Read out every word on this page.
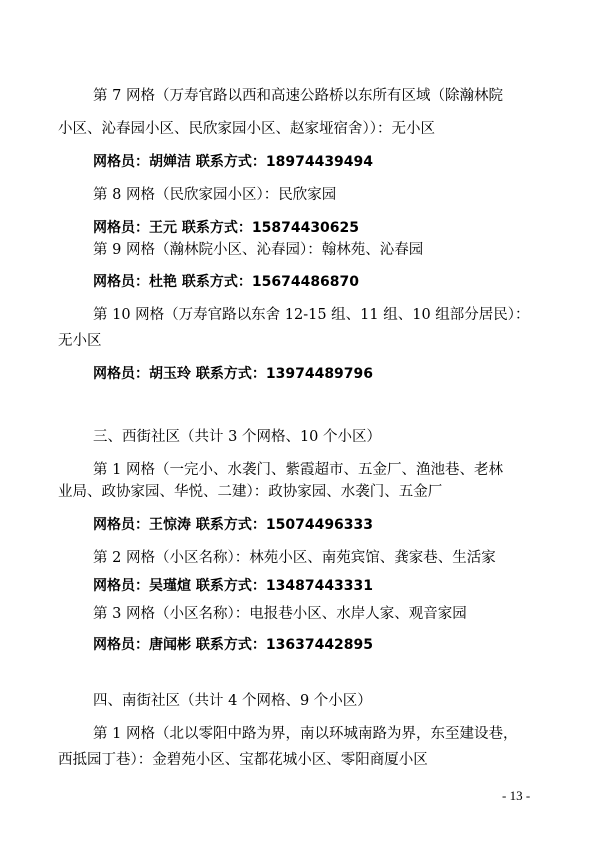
第 7 网格（万寿官路以西和高速公路桥以东所有区域（除瀚林院
小区、沁春园小区、民欣家园小区、赵家垭宿舍））：无小区
网格员：胡婵洁 联系方式：18974439494
第 8 网格（民欣家园小区）：民欣家园
网格员：王元 联系方式：15874430625
第 9 网格（瀚林院小区、沁春园）：翰林苑、沁春园
网格员：杜艳 联系方式：15674486870
第 10 网格（万寿官路以东舍 12-15 组、11 组、10 组部分居民）：
无小区
网格员：胡玉玲 联系方式：13974489796
三、西街社区（共计 3 个网格、10 个小区）
第 1 网格（一完小、水袭门、紫霞超市、五金厂、渔池巷、老林
业局、政协家园、华悦、二建）：政协家园、水袭门、五金厂
网格员：王惊涛 联系方式：15074496333
第 2 网格（小区名称）：林苑小区、南苑宾馆、龚家巷、生活家
网格员：吴瑾煊 联系方式：13487443331
第 3 网格（小区名称）：电报巷小区、水岸人家、观音家园
网格员：唐闻彬 联系方式：13637442895
四、南街社区（共计 4 个网格、9 个小区）
第 1 网格（北以零阳中路为界，南以环城南路为界，东至建设巷，
西抵园丁巷）：金碧苑小区、宝都花城小区、零阳商厦小区
- 13 -
